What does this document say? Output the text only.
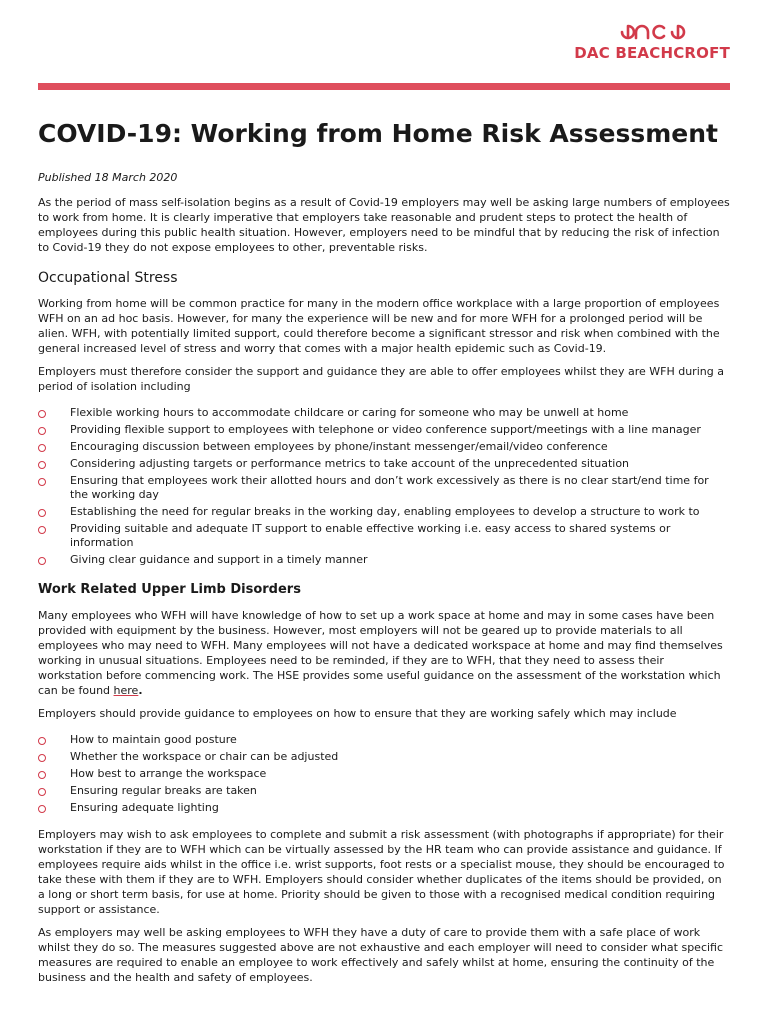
DAC BEACHCROFT
COVID-19: Working from Home Risk Assessment
Published 18 March 2020

As the period of mass self-isolation begins as a result of Covid-19 employers may well be asking large numbers of employees to work from home. It is clearly imperative that employers take reasonable and prudent steps to protect the health of employees during this public health situation. However, employers need to be mindful that by reducing the risk of infection to Covid-19 they do not expose employees to other, preventable risks.

Occupational Stress

Working from home will be common practice for many in the modern office workplace with a large proportion of employees WFH on an ad hoc basis. However, for many the experience will be new and for more WFH for a prolonged period will be alien. WFH, with potentially limited support, could therefore become a significant stressor and risk when combined with the general increased level of stress and worry that comes with a major health epidemic such as Covid-19.

Employers must therefore consider the support and guidance they are able to offer employees whilst they are WFH during a period of isolation including

Flexible working hours to accommodate childcare or caring for someone who may be unwell at home
Providing flexible support to employees with telephone or video conference support/meetings with a line manager
Encouraging discussion between employees by phone/instant messenger/email/video conference
Considering adjusting targets or performance metrics to take account of the unprecedented situation
Ensuring that employees work their allotted hours and don’t work excessively as there is no clear start/end time for the working day
Establishing the need for regular breaks in the working day, enabling employees to develop a structure to work to
Providing suitable and adequate IT support to enable effective working i.e. easy access to shared systems or information
Giving clear guidance and support in a timely manner
Work Related Upper Limb Disorders

Many employees who WFH will have knowledge of how to set up a work space at home and may in some cases have been provided with equipment by the business. However, most employers will not be geared up to provide materials to all employees who may need to WFH. Many employees will not have a dedicated workspace at home and may find themselves working in unusual situations. Employees need to be reminded, if they are to WFH, that they need to assess their workstation before commencing work. The HSE provides some useful guidance on the assessment of the workstation which can be found here.

Employers should provide guidance to employees on how to ensure that they are working safely which may include

How to maintain good posture
Whether the workspace or chair can be adjusted
How best to arrange the workspace
Ensuring regular breaks are taken
Ensuring adequate lighting

Employers may wish to ask employees to complete and submit a risk assessment (with photographs if appropriate) for their workstation if they are to WFH which can be virtually assessed by the HR team who can provide assistance and guidance. If employees require aids whilst in the office i.e. wrist supports, foot rests or a specialist mouse, they should be encouraged to take these with them if they are to WFH. Employers should consider whether duplicates of the items should be provided, on a long or short term basis, for use at home. Priority should be given to those with a recognised medical condition requiring support or assistance.

As employers may well be asking employees to WFH they have a duty of care to provide them with a safe place of work whilst they do so. The measures suggested above are not exhaustive and each employer will need to consider what specific measures are required to enable an employee to work effectively and safely whilst at home, ensuring the continuity of the business and the health and safety of employees.
